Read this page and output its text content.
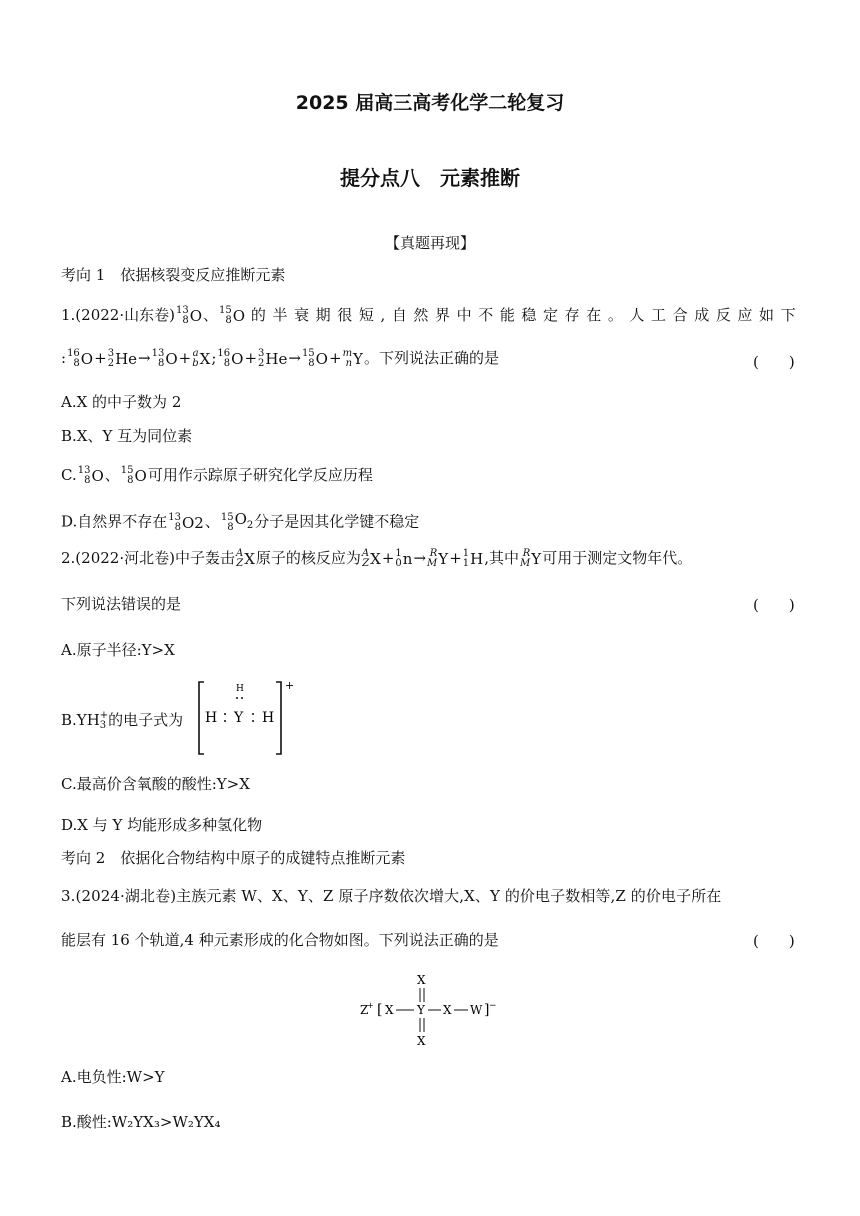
2025 届高三高考化学二轮复习
提分点八　元素推断
【真题再现】
考向 1　依据核裂变反应推断元素
1.(2022·山东卷) 13
8 O 、 15
8 O 的半衰期很短,自然界中不能稳定存在。人工合成反应如下
: 16
8 O + 3
2 He → 13
8 O + a
b X ; 16
8 O + 3
2 He → 15
8 O + m
n Y 。下列说法正确的是	(　　)
A.X 的中子数为 2
B.X、Y 互为同位素
C. 13
8 O 、 15
8 O 可用作示踪原子研究化学反应历程
D.自然界不存在 13
8 O2 、 15
8 $O_2$ 分子是因其化学键不稳定
2.(2022·河北卷)中子轰击 A
Z X 原子的核反应为 A
Z X + 1
0 n → R
M Y + 1
1 H ,其中 R
M Y 可用于测定文物年代。
下列说法错误的是	(　　)
A.原子半径:Y>X
B.YH +
3 的电子式为
+
H
H Y H
C.最高价含氧酸的酸性:Y>X
D.X 与 Y 均能形成多种氢化物
考向 2　依据化合物结构中原子的成键特点推断元素
3.(2024·湖北卷)主族元素 W、X、Y、Z 原子序数依次增大,X、Y 的价电子数相等,Z 的价电子所在
能层有 16 个轨道,4 种元素形成的化合物如图。下列说法正确的是	(　　)
X
Z
+ [ X Y X W ] −
X
A.电负性:W>Y
B.酸性:W₂YX₃>W₂YX₄
